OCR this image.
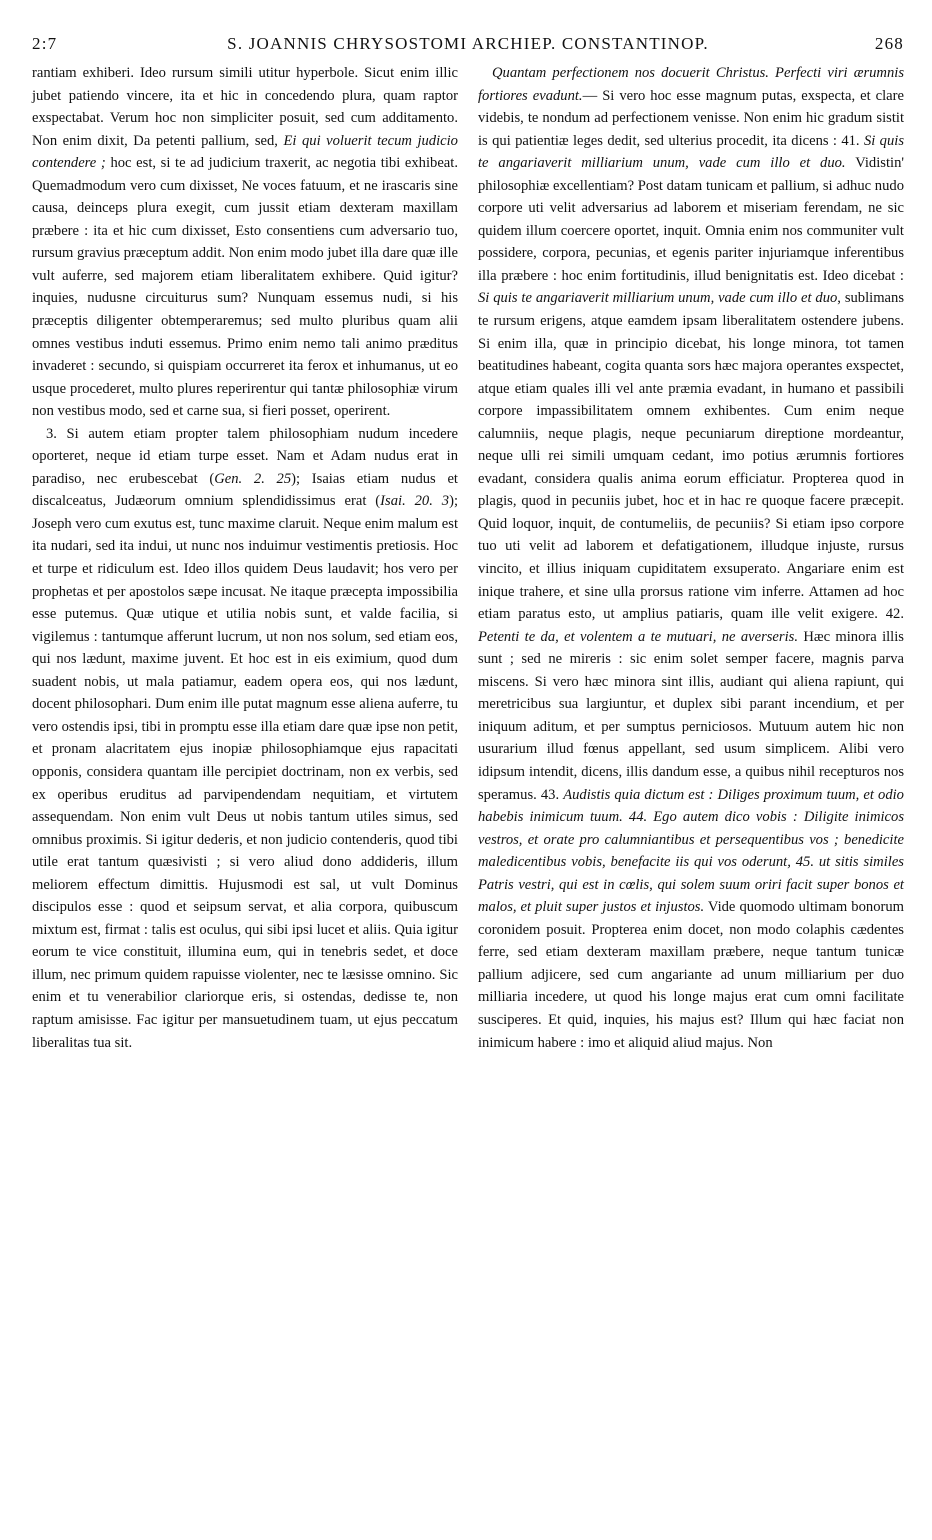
2:7	S. JOANNIS CHRYSOSTOMI ARCHIEP. CONSTANTINOP.	268

rantiam exhiberi. Ideo rursum simili utitur hyperbole. Sicut enim illic jubet patiendo vincere, ita et hic in concedendo plura, quam raptor exspectabat. Verum hoc non simpliciter posuit, sed cum additamento. Non enim dixit, Da petenti pallium, sed, Ei qui voluerit tecum judicio contendere ; hoc est, si te ad judicium traxerit, ac negotia tibi exhibeat. Quemadmodum vero cum dixisset, Ne voces fatuum, et ne irascaris sine causa, deinceps plura exegit, cum jussit etiam dexteram maxillam præbere : ita et hic cum dixisset, Esto consentiens cum adversario tuo, rursum gravius præceptum addit. Non enim modo jubet illa dare quæ ille vult auferre, sed majorem etiam liberalitatem exhibere. Quid igitur? inquies, nudusne circuiturus sum? Nunquam essemus nudi, si his præceptis diligenter obtemperaremus; sed multo pluribus quam alii omnes vestibus induti essemus. Primo enim nemo tali animo præditus invaderet : secundo, si quispiam occurreret ita ferox et inhumanus, ut eo usque procederet, multo plures reperirentur qui tantæ philosophiæ virum non vestibus modo, sed et carne sua, si fieri posset, operirent.

3. Si autem etiam propter talem philosophiam nudum incedere oporteret, neque id etiam turpe esset. Nam et Adam nudus erat in paradiso, nec erubescebat (Gen. 2. 25); Isaias etiam nudus et discalceatus, Judæorum omnium splendidissimus erat (Isai. 20. 3); Joseph vero cum exutus est, tunc maxime claruit. Neque enim malum est ita nudari, sed ita indui, ut nunc nos induimur vestimentis pretiosis. Hoc et turpe et ridiculum est. Ideo illos quidem Deus laudavit; hos vero per prophetas et per apostolos sæpe incusat. Ne itaque præcepta impossibilia esse putemus. Quæ utique et utilia nobis sunt, et valde facilia, si vigilemus : tantumque afferunt lucrum, ut non nos solum, sed etiam eos, qui nos lædunt, maxime juvent. Et hoc est in eis eximium, quod dum suadent nobis, ut mala patiamur, eadem opera eos, qui nos lædunt, docent philosophari. Dum enim ille putat magnum esse aliena auferre, tu vero ostendis ipsi, tibi in promptu esse illa etiam dare quæ ipse non petit, et pronam alacritatem ejus inopiæ philosophiamque ejus rapacitati opponis, considera quantam ille percipiet doctrinam, non ex verbis, sed ex operibus eruditus ad parvipendendam nequitiam, et virtutem assequendam. Non enim vult Deus ut nobis tantum utiles simus, sed omnibus proximis. Si igitur dederis, et non judicio contenderis, quod tibi utile erat tantum quæsivisti ; si vero aliud dono addideris, illum meliorem effectum dimittis. Hujusmodi est sal, ut vult Dominus discipulos esse : quod et seipsum servat, et alia corpora, quibuscum mixtum est, firmat : talis est oculus, qui sibi ipsi lucet et aliis. Quia igitur eorum te vice constituit, illumina eum, qui in tenebris sedet, et doce illum, nec primum quidem rapuisse violenter, nec te læsisse omnino. Sic enim et tu venerabilior clariorque eris, si ostendas, dedisse te, non raptum amisisse. Fac igitur per mansuetudinem tuam, ut ejus peccatum liberalitas tua sit.

Quantam perfectionem nos docuerit Christus. Perfecti viri ærumnis fortiores evadunt.— Si vero hoc esse magnum putas, exspecta, et clare videbis, te nondum ad perfectionem venisse. Non enim hic gradum sistit is qui patientiæ leges dedit, sed ulterius procedit, ita dicens : 41. Si quis te angariaverit milliarium unum, vade cum illo et duo. Vidistin' philosophiæ excellentiam? Post datam tunicam et pallium, si adhuc nudo corpore uti velit adversarius ad laborem et miseriam ferendam, ne sic quidem illum coercere oportet, inquit. Omnia enim nos communiter vult possidere, corpora, pecunias, et egenis pariter injuriamque inferentibus illa præbere : hoc enim fortitudinis, illud benignitatis est. Ideo dicebat : Si quis te angariaverit milliarium unum, vade cum illo et duo, sublimans te rursum erigens, atque eamdem ipsam liberalitatem ostendere jubens. Si enim illa, quæ in principio dicebat, his longe minora, tot tamen beatitudines habeant, cogita quanta sors hæc majora operantes exspectet, atque etiam quales illi vel ante præmia evadant, in humano et passibili corpore impassibilitatem omnem exhibentes. Cum enim neque calumniis, neque plagis, neque pecuniarum direptione mordeantur, neque ulli rei simili umquam cedant, imo potius ærumnis fortiores evadant, considera qualis anima eorum efficiatur. Propterea quod in plagis, quod in pecuniis jubet, hoc et in hac re quoque facere præcepit. Quid loquor, inquit, de contumeliis, de pecuniis? Si etiam ipso corpore tuo uti velit ad laborem et defatigationem, illudque injuste, rursus vincito, et illius iniquam cupiditatem exsuperato. Angariare enim est inique trahere, et sine ulla prorsus ratione vim inferre. Attamen ad hoc etiam paratus esto, ut amplius patiaris, quam ille velit exigere. 42. Petenti te da, et volentem a te mutuari, ne averseris. Hæc minora illis sunt ; sed ne mireris : sic enim solet semper facere, magnis parva miscens. Si vero hæc minora sint illis, audiant qui aliena rapiunt, qui meretricibus sua largiuntur, et duplex sibi parant incendium, et per iniquum aditum, et per sumptus perniciosos. Mutuum autem hic non usurarium illud fœnus appellant, sed usum simplicem. Alibi vero idipsum intendit, dicens, illis dandum esse, a quibus nihil recepturos nos speramus. 43. Audistis quia dictum est : Diliges proximum tuum, et odio habebis inimicum tuum. 44. Ego autem dico vobis : Diligite inimicos vestros, et orate pro calumniantibus et persequentibus vos ; benedicite maledicentibus vobis, benefacite iis qui vos oderunt, 45. ut sitis similes Patris vestri, qui est in cœlis, qui solem suum oriri facit super bonos et malos, et pluit super justos et injustos. Vide quomodo ultimam bonorum coronidem posuit. Propterea enim docet, non modo colaphis cædentes ferre, sed etiam dexteram maxillam præbere, neque tantum tunicæ pallium adjicere, sed cum angariante ad unum milliarium per duo milliaria incedere, ut quod his longe majus erat cum omni facilitate susciperes. Et quid, inquies, his majus est? Illum qui hæc faciat non inimicum habere : imo et aliquid aliud majus. Non
